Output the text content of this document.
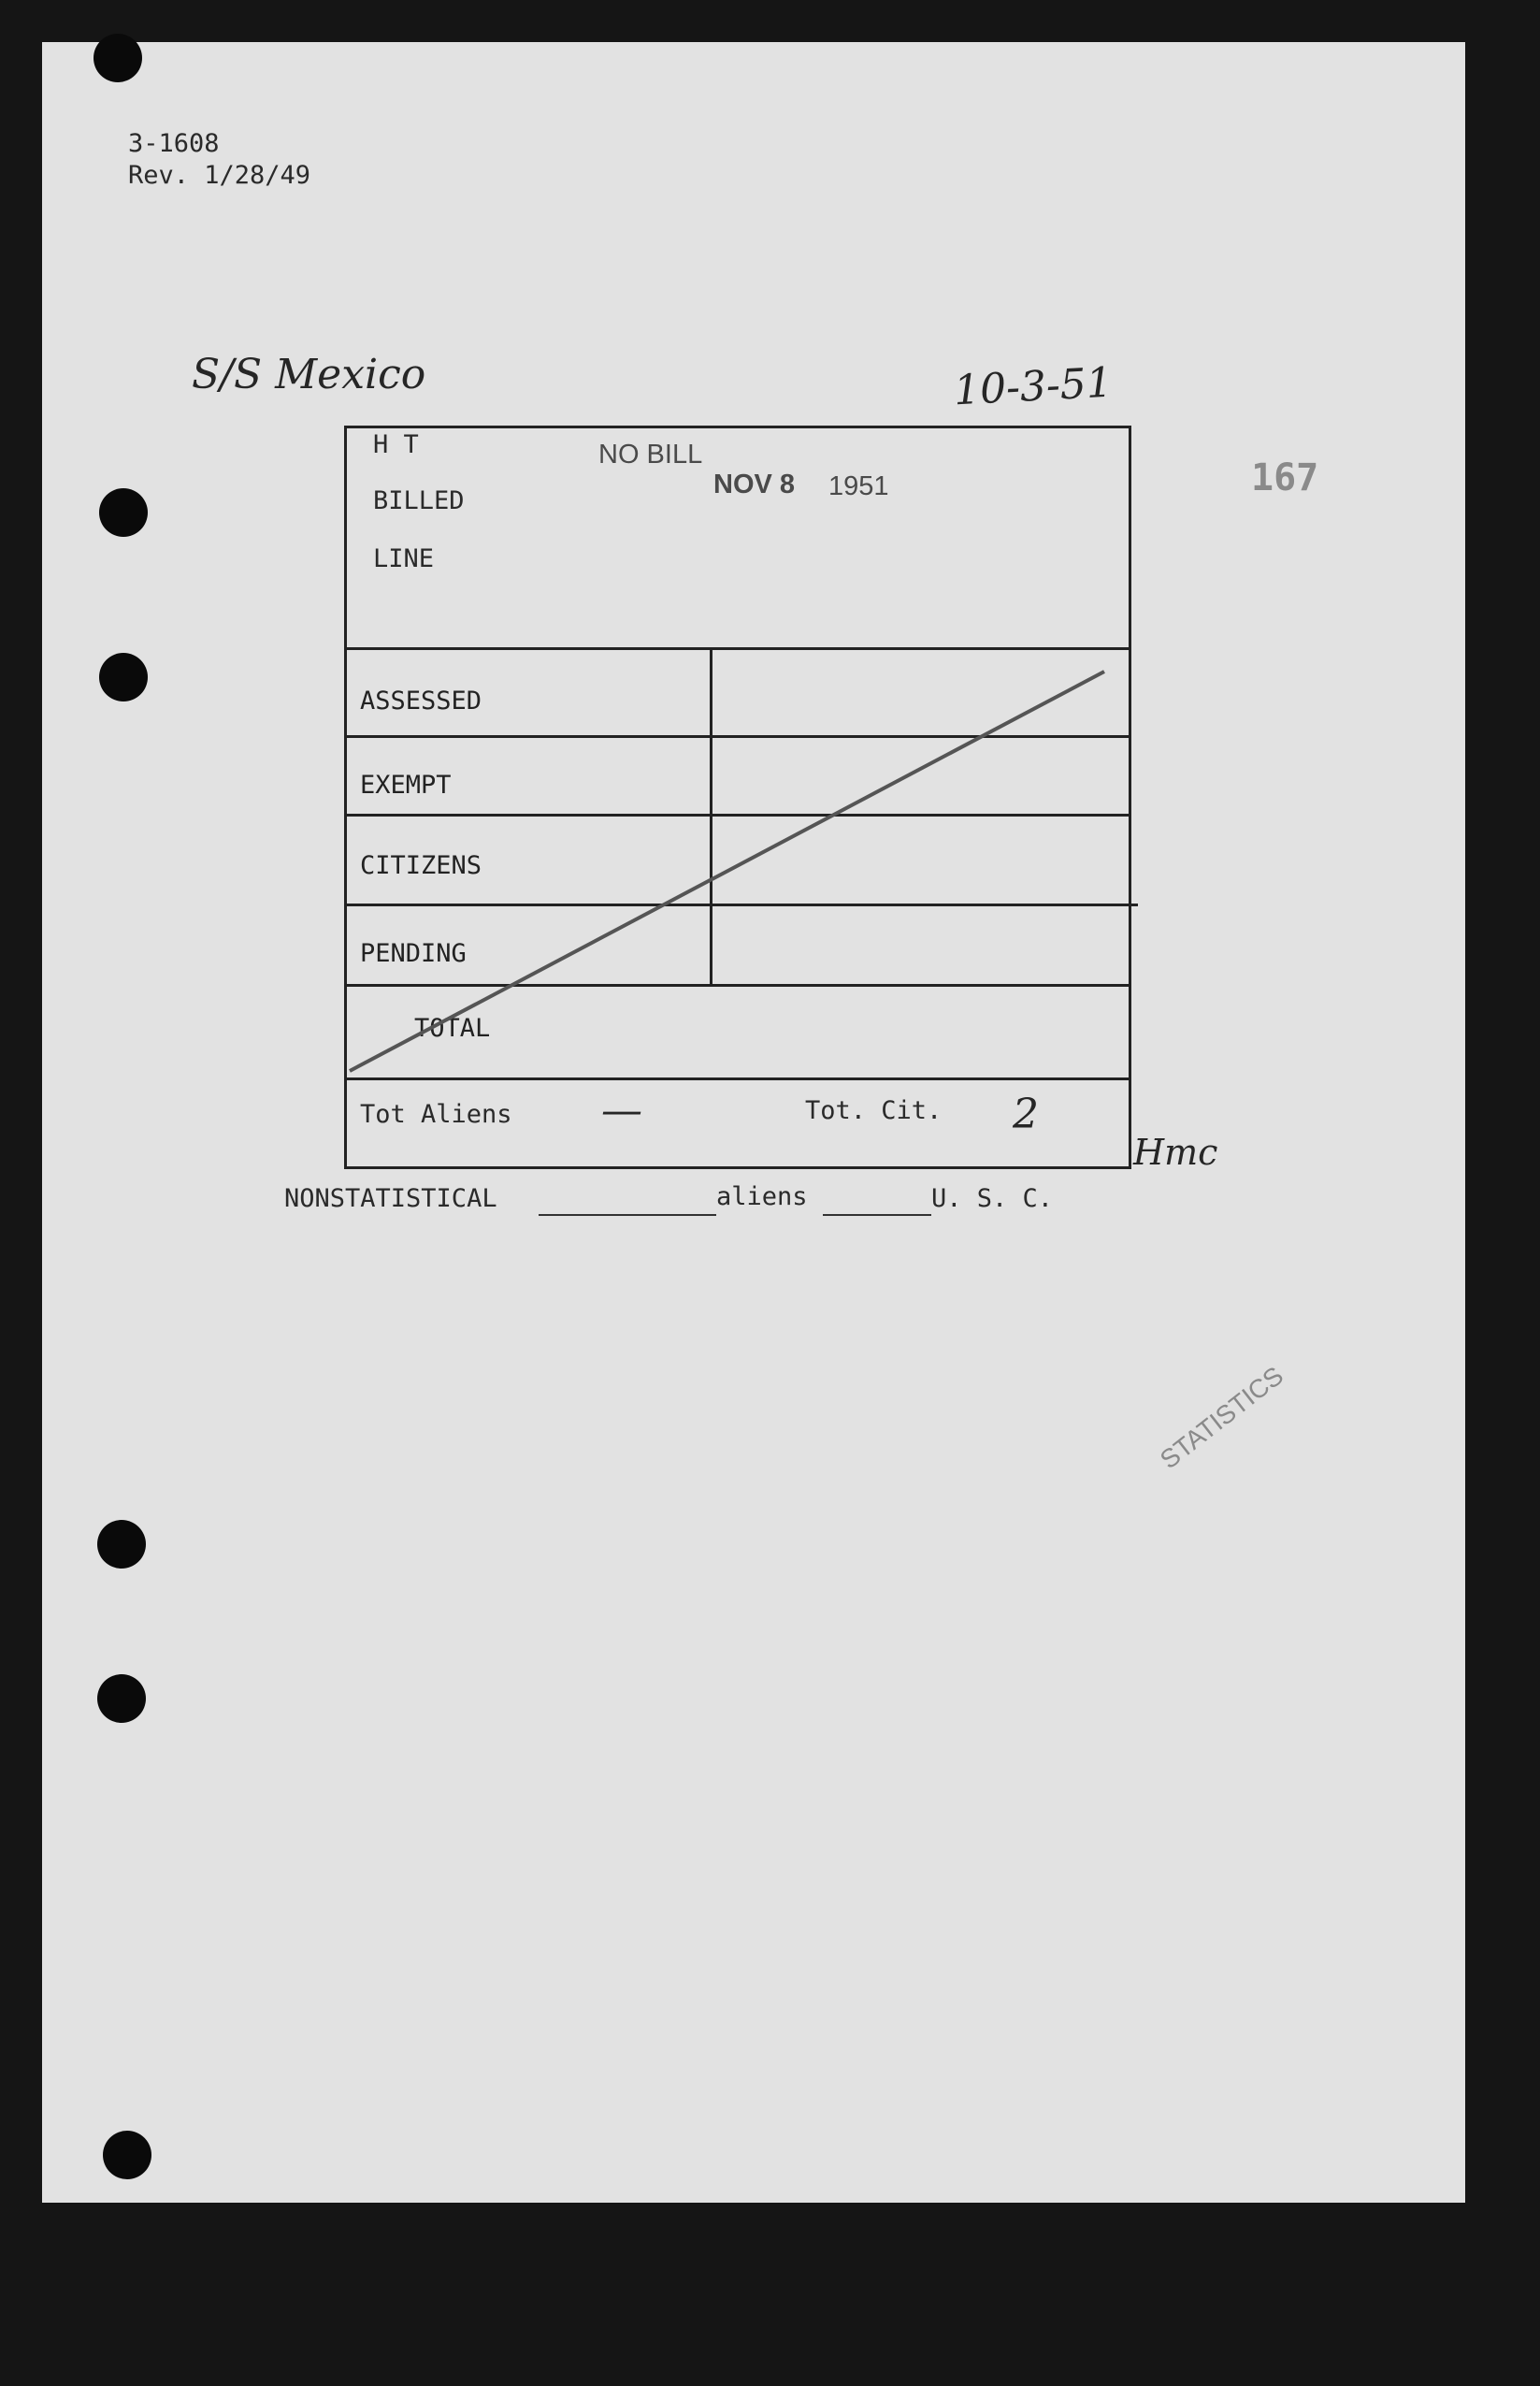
3-1608
Rev. 1/28/49
S/S Mexico	10-3-51
NO BILL
NOV 8 1951	167
STATISTICS
H T
BILLED
LINE
ASSESSED
EXEMPT
CITIZENS
PENDING
TOTAL
Tot Aliens —	Tot. Cit. 2
Hmc
NONSTATISTICAL	aliens	U. S. C.
